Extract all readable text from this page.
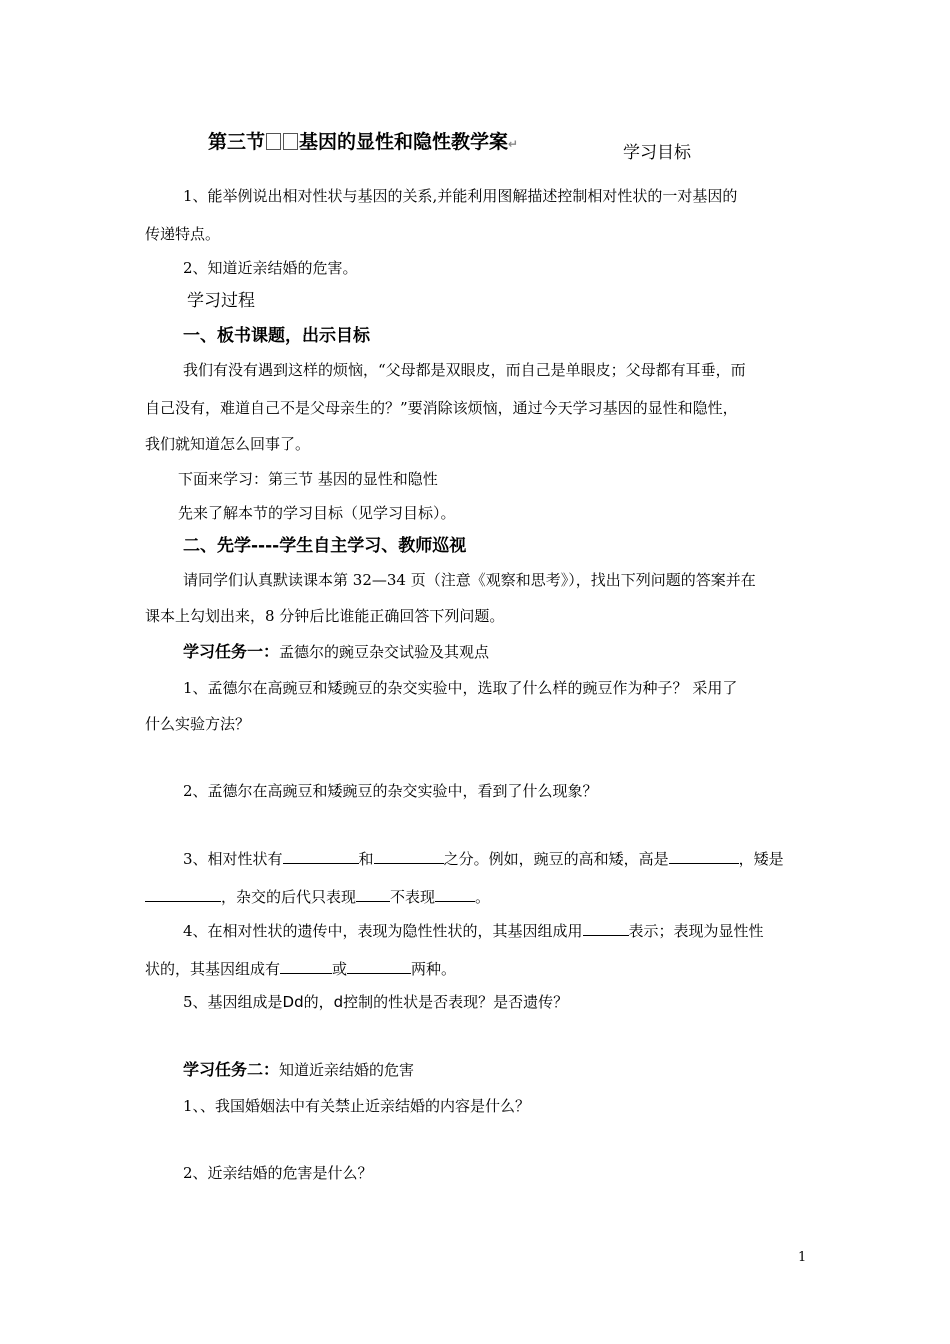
第三节 基因的显性和隐性教学案↵	学习目标
1、能举例说出相对性状与基因的关系,并能利用图解描述控制相对性状的一对基因的
传递特点。
2、知道近亲结婚的危害。
学习过程
一、板书课题，出示目标
我们有没有遇到这样的烦恼，“父母都是双眼皮，而自己是单眼皮；父母都有耳垂，而
自己没有，难道自己不是父母亲生的？”要消除该烦恼，通过今天学习基因的显性和隐性，
我们就知道怎么回事了。
下面来学习：第三节 基因的显性和隐性
先来了解本节的学习目标（见学习目标）。
二、先学----学生自主学习、教师巡视
请同学们认真默读课本第 32—34 页（注意《观察和思考》），找出下列问题的答案并在
课本上勾划出来，8 分钟后比谁能正确回答下列问题。
学习任务一：孟德尔的豌豆杂交试验及其观点
1、孟德尔在高豌豆和矮豌豆的杂交实验中，选取了什么样的豌豆作为种子？ 采用了
什么实验方法？
2、孟德尔在高豌豆和矮豌豆的杂交实验中，看到了什么现象？
3、相对性状有	和	之分。例如，豌豆的高和矮，高是	，矮是
，杂交的后代只表现 不表现	。
4、在相对性状的遗传中，表现为隐性性状的，其基因组成用	表示；表现为显性性
状的，其基因组成有	或	两种。
5、基因组成是Dd的，d控制的性状是否表现？是否遗传？
学习任务二：知道近亲结婚的危害
1、、我国婚姻法中有关禁止近亲结婚的内容是什么？
2、近亲结婚的危害是什么？
1
